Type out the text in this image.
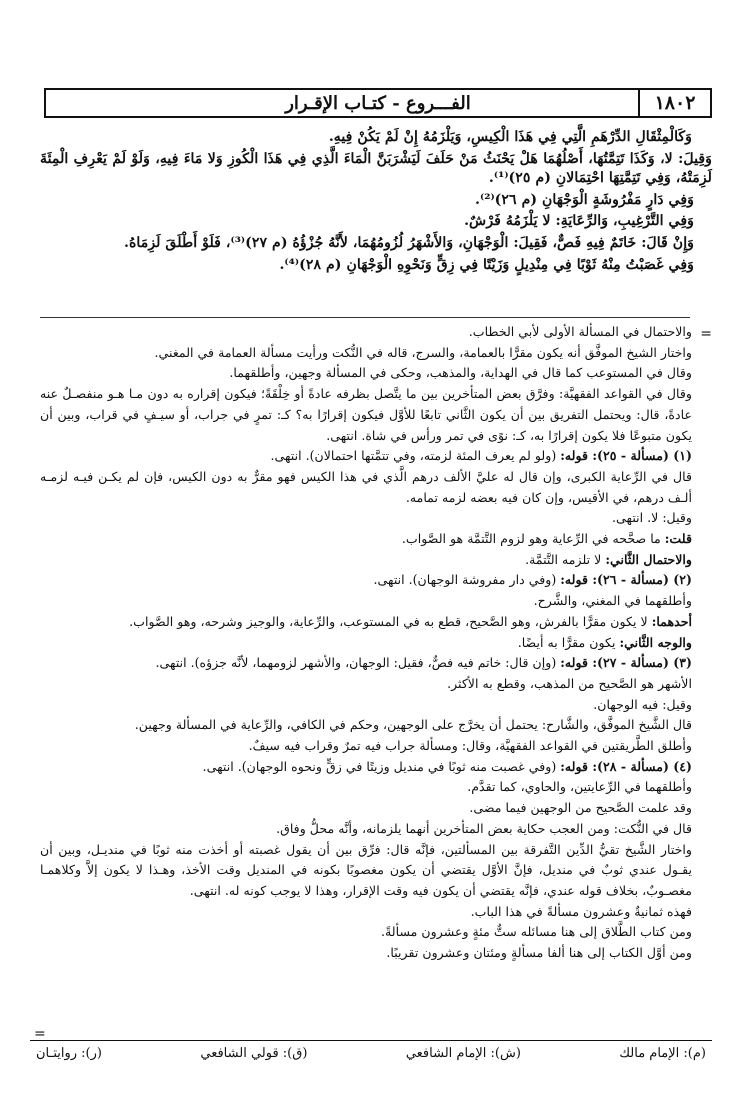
١٨٠٢
الفـــروع - كتـاب الإقـرار

وَكَالْمِثْقَالِ الدِّرْهَمِ الَّتِي فِي هَذَا الْكِيسِ، وَيَلْزَمُهُ إِنْ لَمْ يَكُنْ فِيهِ.

وَقِيلَ: لا، وَكَذَا تَتِمَّتُهَا، أَصْلُهُمَا هَلْ يَحْنَثُ مَنْ حَلَفَ لَيَشْرَبَنَّ الْمَاءَ الَّذِي فِي هَذَا الْكُوزِ وَلا مَاءَ فِيهِ، وَلَوْ لَمْ يَعْرِفِ الْمِئَةَ لَزِمَتْهُ، وَفِي تَتِمَّتِهَا احْتِمَالانِ (م ٢٥)⁽¹⁾.

وَفِي دَارٍ مَفْرُوشَةٍ الْوَجْهَانِ (م ٢٦)⁽²⁾.

وَفِي التَّرْغِيبِ، وَالرِّعَايَةِ: لا يَلْزَمُهُ فَرْشٌ.

وَإِنْ قَالَ: خَاتَمٌ فِيهِ فَصٌّ، فَقِيلَ: الْوَجْهَانِ، وَالأَشْهَرُ لُزُومُهُمَا، لأَنَّهُ جُزْؤُهُ (م ٢٧)⁽³⁾، فَلَوْ أَطْلَقَ لَزِمَاهُ.

وَفِي غَصَبْتُ مِنْهُ ثَوْبًا فِي مِنْدِيلٍ وَزَيْتًا فِي زِقٍّ وَنَحْوِهِ الْوَجْهَانِ (م ٢٨)⁽⁴⁾.

=
=

والاحتمال في المسألة الأولى لأبي الخطاب.

واختار الشيخ الموفَّق أنه يكون مقرًّا بالعمامة، والسرج، قاله في النُّكت ورأيت مسألة العمامة في المغني.

وقال في المستوعب كما قال في الهداية، والمذهب، وحكى في المسألة وجهين، وأطلقهما.

وقال في القواعد الفقهيَّة: وفرَّق بعض المتأخرين بين ما يتَّصل بظرفه عادةً أو خِلْقَةً؛ فيكون إقراره به دون مـا هـو منفصـلٌ عنه عادةً، قال: ويحتمل التفريق بين أن يكون الثَّاني تابعًا للأوَّل فيكون إقرارًا به؟ كـ: تمرٍ في جراب، أو سيـفٍ في قراب، وبين أن يكون متبوعًا فلا يكون إقرارًا به، كـ: نوًى في تمر ورأس في شاة. انتهى.

(١) (مسألة - ٢٥): قوله: (ولو لم يعرف المئة لزمته، وفي تتمَّتها احتمالان). انتهى.

قال في الرِّعاية الكبرى، وإن قال له عليَّ الألف درهم الَّذي في هذا الكيس فهو مقرٌّ به دون الكيس، فإن لم يكـن فيـه لزمـه ألـف درهم، في الأقيس، وإن كان فيه بعضه لزمه تمامه.

وقيل: لا. انتهى.

قلت: ما صحَّحه في الرِّعاية وهو لزوم التَّتمَّة هو الصَّواب.

والاحتمال الثَّاني: لا تلزمه التَّتمَّة.

(٢) (مسألة - ٢٦): قوله: (وفي دار مفروشة الوجهان). انتهى.

وأطلقهما في المغني، والشَّرح.

أحدهما: لا يكون مقرًّا بالفرش، وهو الصَّحيح، قطع به في المستوعب، والرِّعاية، والوجيز وشرحه، وهو الصَّواب.

والوجه الثَّاني: يكون مقرًّا به أيضًا.

(٣) (مسألة - ٢٧): قوله: (وإن قال: خاتم فيه فصٌّ، فقيل: الوجهان، والأشهر لزومهما، لأنَّه جزؤه). انتهى.

الأشهر هو الصَّحيح من المذهب، وقطع به الأكثر.

وقيل: فيه الوجهان.

قال الشَّيخ الموفَّق، والشَّارح: يحتمل أن يخرَّج على الوجهين، وحكم في الكافي، والرِّعاية في المسألة وجهين.

وأطلق الطَّريقتين في القواعد الفقهيَّة، وقال: ومسألة جراب فيه تمرٌ وقراب فيه سيفٌ.

(٤) (مسألة - ٢٨): قوله: (وفي غصبت منه ثوبًا في منديل وزيتًا في زقٍّ ونحوه الوجهان). انتهى.

وأطلقهما في الرِّعايتين، والحاوي، كما تقدَّم.

وقد علمت الصَّحيح من الوجهين فيما مضى.

قال في النُّكت: ومن العجب حكاية بعض المتأخرين أنهما يلزمانه، وأنَّه محلُّ وفاق.

واختار الشَّيخ تقيُّ الدِّين التَّفرقة بين المسألتين، فإنَّه قال: فرِّق بين أن يقول غصبته أو أخذت منه ثوبًا في منديـل، وبين أن يقـول عندي ثوبٌ في منديل، فإنَّ الأوَّل يقتضي أن يكون مغصوبًا بكونه في المنديل وقت الأخذ، وهـذا لا يكون إلاَّ وكلاهمـا مغصـوبٌ، بخلاف قوله عندي، فإنَّه يقتضي أن يكون فيه وقت الإقرار، وهذا لا يوجب كونه له. انتهى.

فهذه ثمانيةٌ وعشرون مسألةً في هذا الباب.

ومن كتاب الطَّلاق إلى هنا مسائله ستٌّ مئةٍ وعشرون مسألةً.

ومن أوَّل الكتاب إلى هنا ألفا مسألةٍ ومئتان وعشرون تقريبًا.

(م): الإمام مالك
(ش): الإمام الشافعي
(ق): قولي الشافعي
(ر): روايتـان
